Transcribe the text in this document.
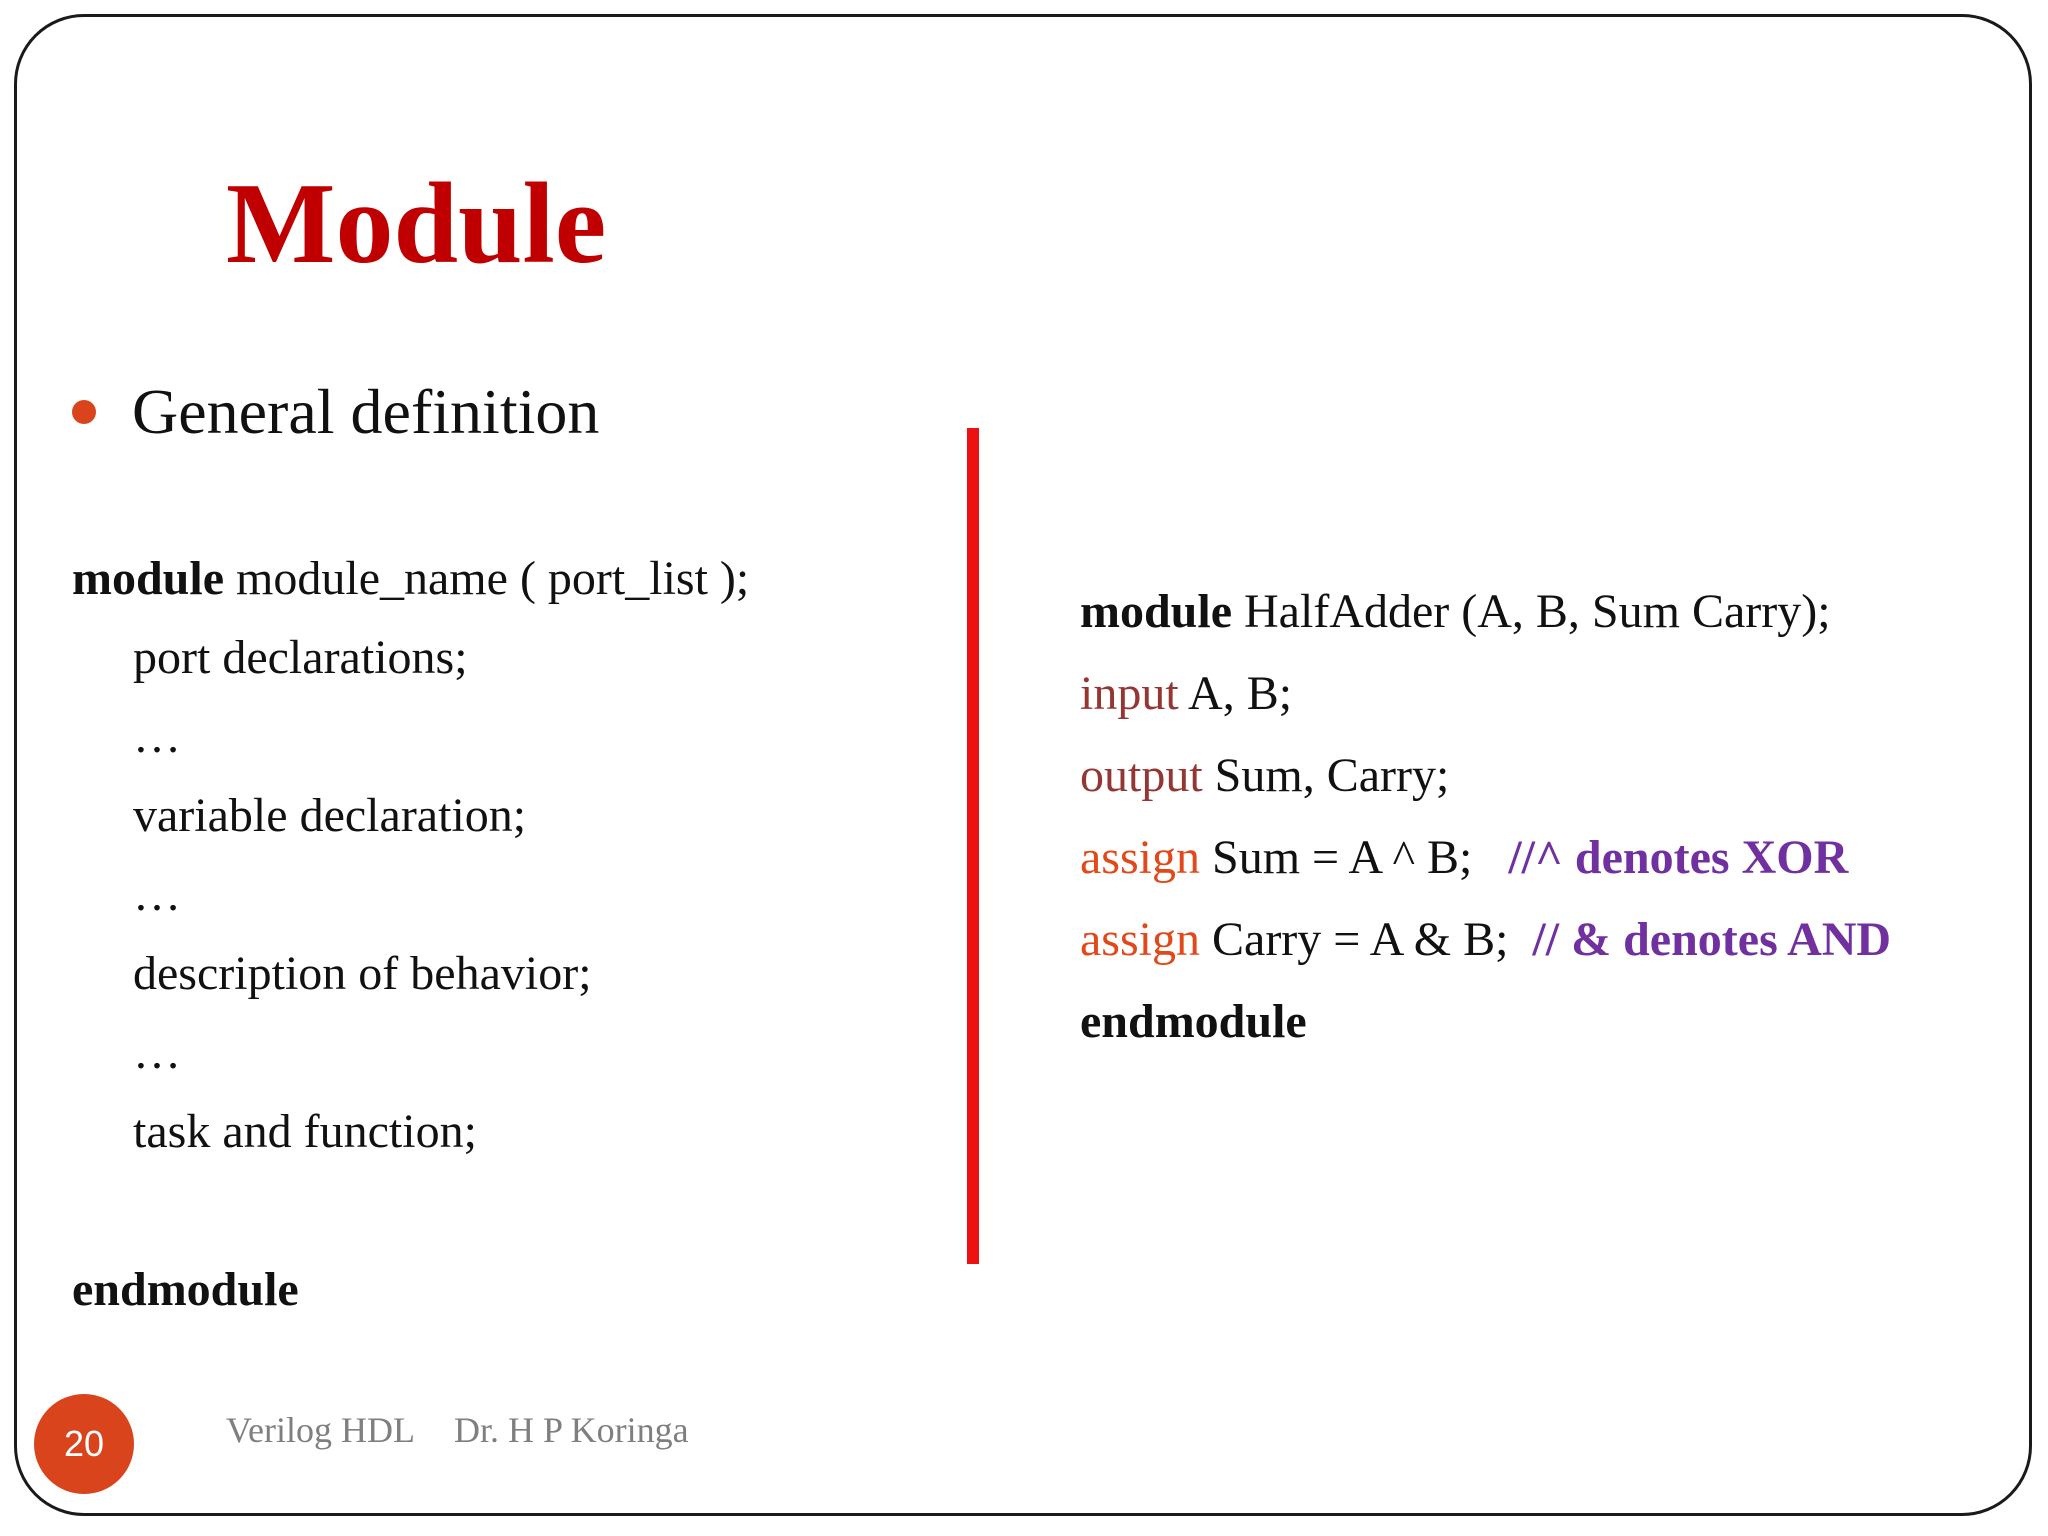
Module
General definition
module module_name ( port_list );
port declarations;
…
variable declaration;
…
description of behavior;
…
task and function;
endmodule
module HalfAdder (A, B, Sum Carry);
input A, B;
output Sum, Carry;
assign Sum = A ^ B;   //^ denotes XOR
assign Carry = A & B;  // & denotes AND
endmodule
20	Verilog HDL Dr. H P Koringa
